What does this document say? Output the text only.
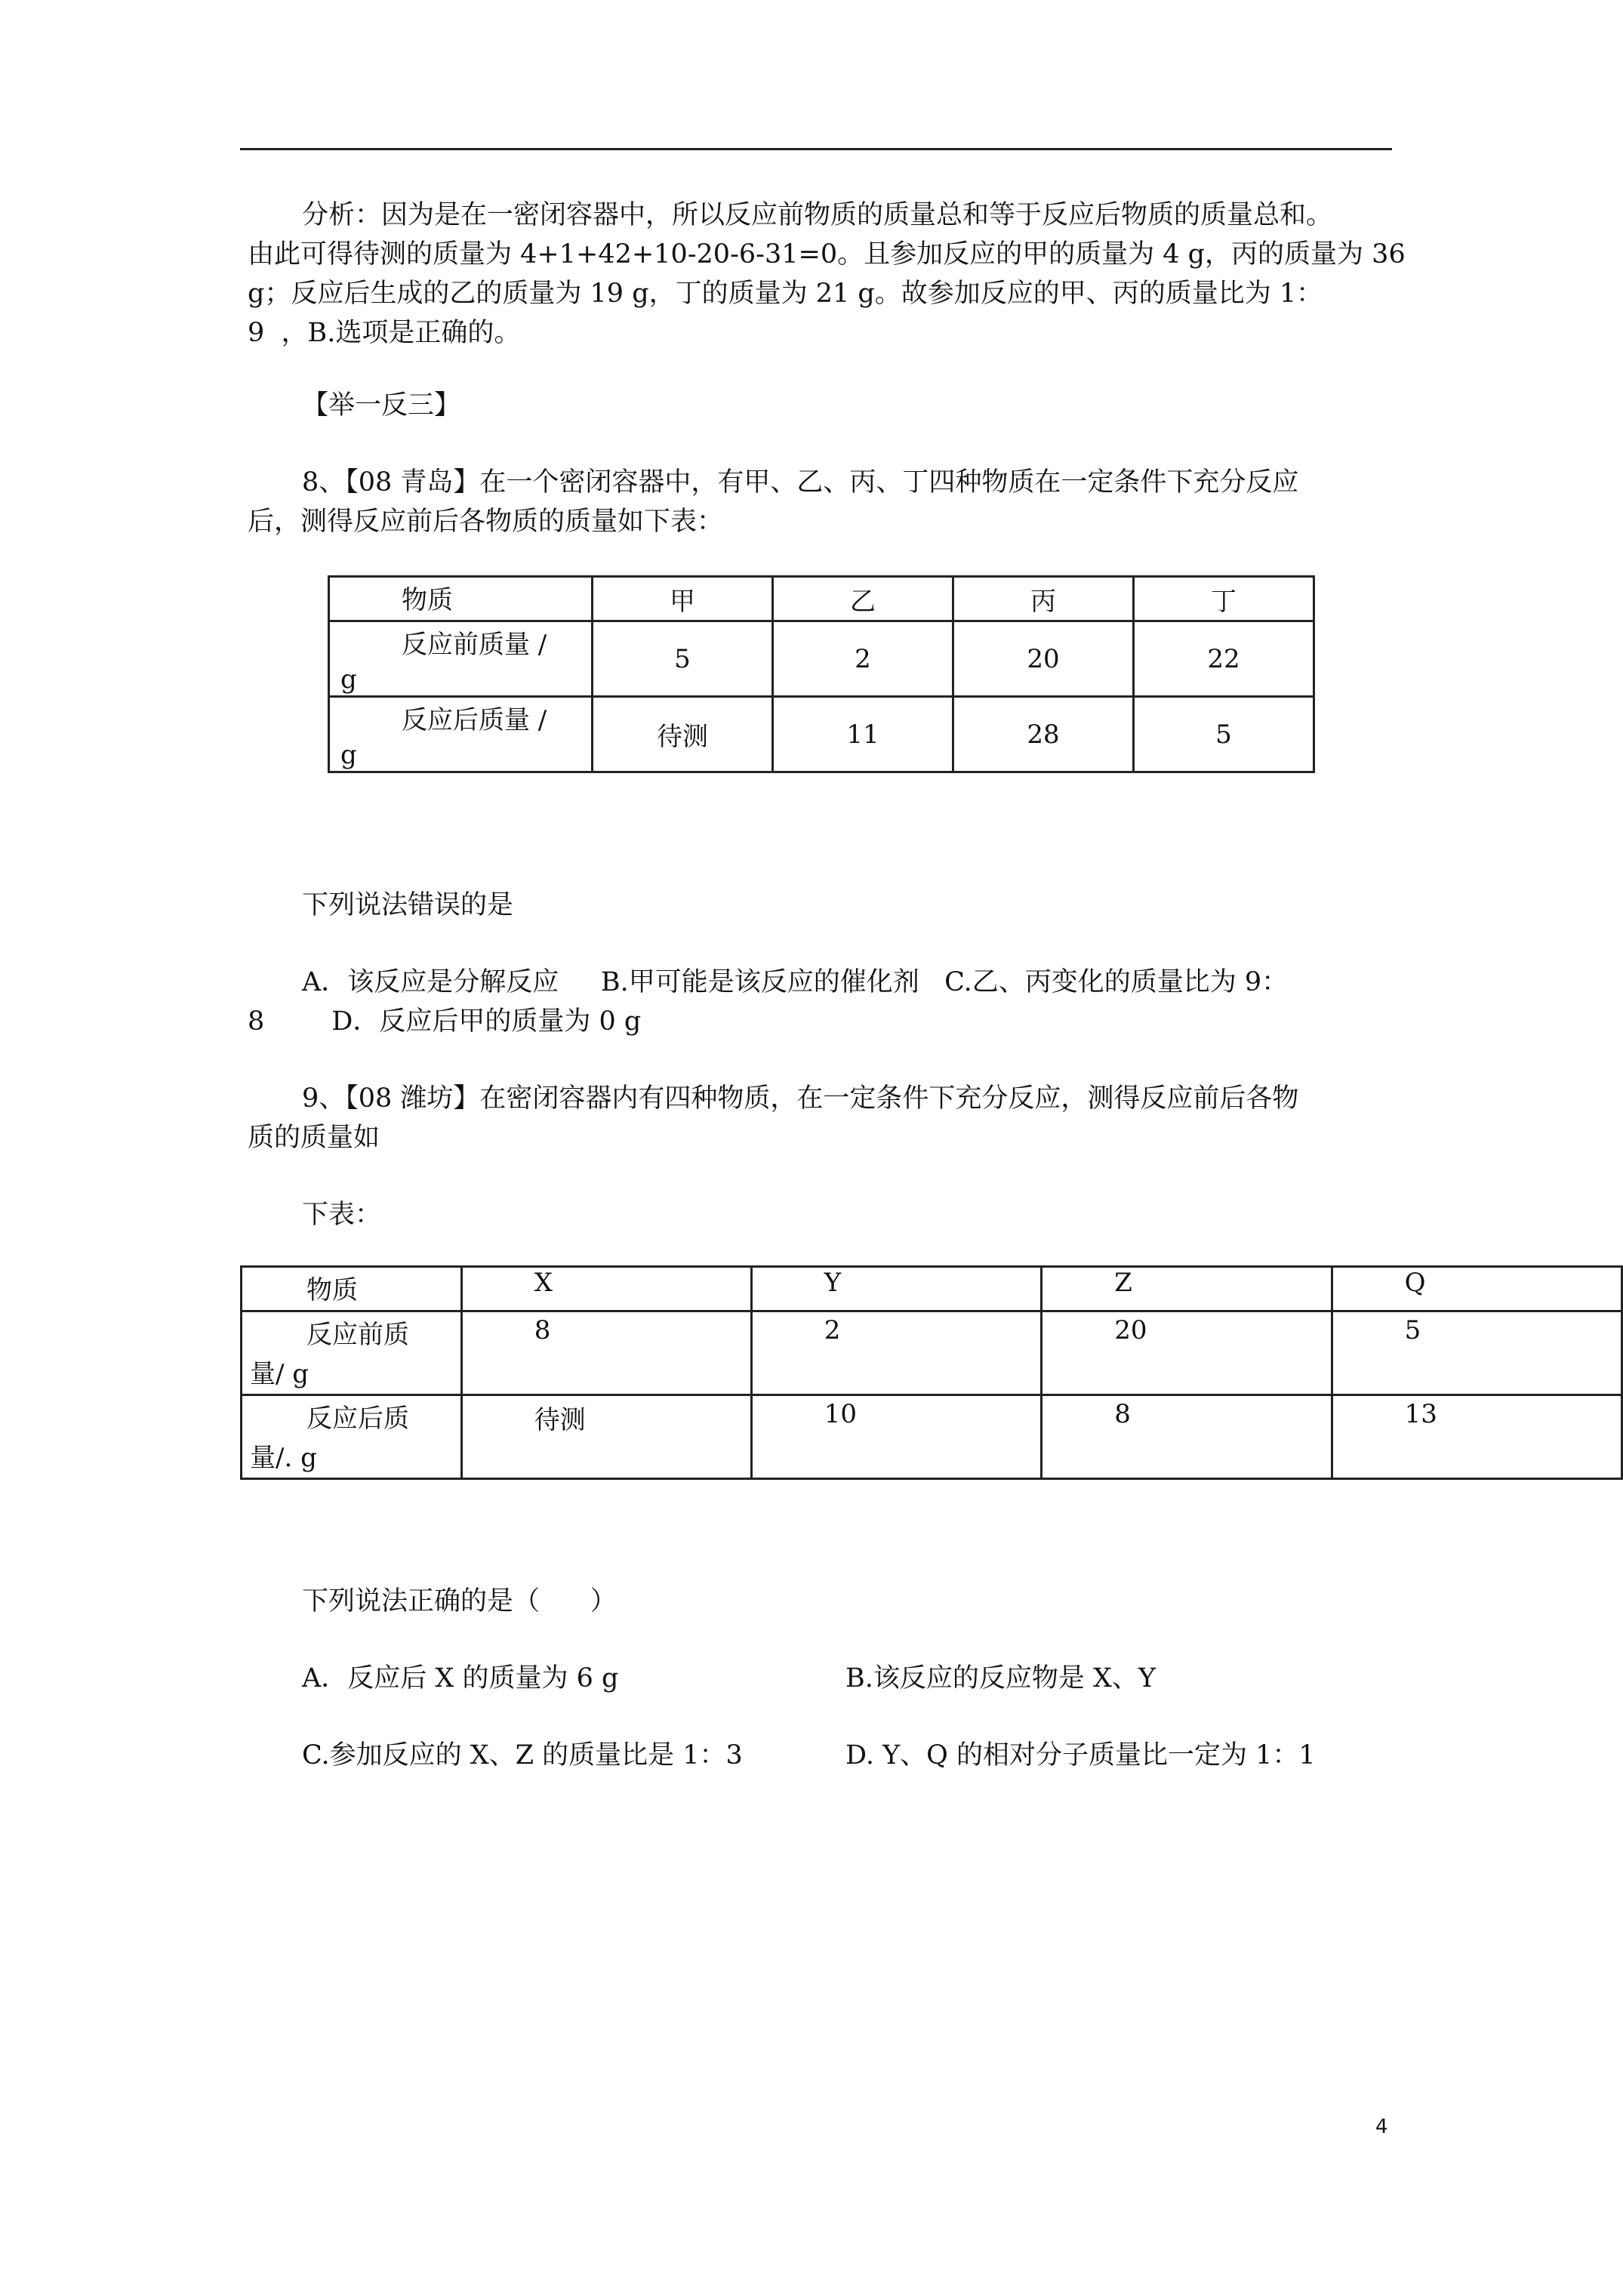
分析：因为是在一密闭容器中，所以反应前物质的质量总和等于反应后物质的质量总和。
由此可得待测的质量为 4+1+42+10-20-6-31=0。且参加反应的甲的质量为 4 g，丙的质量为 36
g；反应后生成的乙的质量为 19 g，丁的质量为 21 g。故参加反应的甲、丙的质量比为 1：
9  ，B.选项是正确的。
【举一反三】
8、【08 青岛】在一个密闭容器中，有甲、乙、丙、丁四种物质在一定条件下充分反应
后，测得反应前后各物质的质量如下表：
物质	甲	乙	丙	丁

反应前质量 /
g	5	2	20	22

反应后质量 /
g	待测	11	28	5
下列说法错误的是
A．该反应是分解反应     B.甲可能是该反应的催化剂   C.乙、丙变化的质量比为 9：
8        D．反应后甲的质量为 0 g
9、【08 潍坊】在密闭容器内有四种物质，在一定条件下充分反应，测得反应前后各物
质的质量如
下表：
物质	X	Y	Z	Q

反应前质
量/ g	8	2	20	5

反应后质
量/. g	待测	10	8	13
下列说法正确的是（      ）
A．反应后 X 的质量为 6 g	B.该反应的反应物是 X、Y
C.参加反应的 X、Z 的质量比是 1：3	D. Y、Q 的相对分子质量比一定为 1：1
4
